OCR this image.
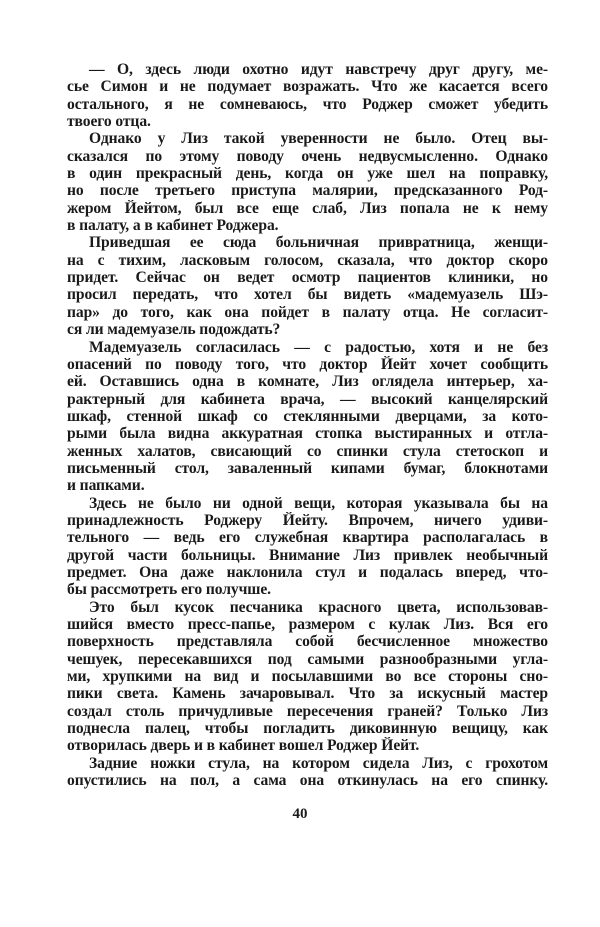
— О, здесь люди охотно идут навстречу друг другу, ме-
сье Симон и не подумает возражать. Что же касается всего
остального, я не сомневаюсь, что Роджер сможет убедить
твоего отца.
Однако у Лиз такой уверенности не было. Отец вы-
сказался по этому поводу очень недвусмысленно. Однако
в один прекрасный день, когда он уже шел на поправку,
но после третьего приступа малярии, предсказанного Род-
жером Йейтом, был все еще слаб, Лиз попала не к нему
в палату, а в кабинет Роджера.
Приведшая ее сюда больничная привратница, женщи-
на с тихим, ласковым голосом, сказала, что доктор скоро
придет. Сейчас он ведет осмотр пациентов клиники, но
просил передать, что хотел бы видеть «мадемуазель Шэ-
пар» до того, как она пойдет в палату отца. Не согласит-
ся ли мадемуазель подождать?
Мадемуазель согласилась — с радостью, хотя и не без
опасений по поводу того, что доктор Йейт хочет сообщить
ей. Оставшись одна в комнате, Лиз оглядела интерьер, ха-
рактерный для кабинета врача, — высокий канцелярский
шкаф, стенной шкаф со стеклянными дверцами, за кото-
рыми была видна аккуратная стопка выстиранных и отгла-
женных халатов, свисающий со спинки стула стетоскоп и
письменный стол, заваленный кипами бумаг, блокнотами
и папками.
Здесь не было ни одной вещи, которая указывала бы на
принадлежность Роджеру Йейту. Впрочем, ничего удиви-
тельного — ведь его служебная квартира располагалась в
другой части больницы. Внимание Лиз привлек необычный
предмет. Она даже наклонила стул и подалась вперед, что-
бы рассмотреть его получше.
Это был кусок песчаника красного цвета, использовав-
шийся вместо пресс-папье, размером с кулак Лиз. Вся его
поверхность представляла собой бесчисленное множество
чешуек, пересекавшихся под самыми разнообразными угла-
ми, хрупкими на вид и посылавшими во все стороны сно-
пики света. Камень зачаровывал. Что за искусный мастер
создал столь причудливые пересечения граней? Только Лиз
поднесла палец, чтобы погладить диковинную вещицу, как
отворилась дверь и в кабинет вошел Роджер Йейт.
Задние ножки стула, на котором сидела Лиз, с грохотом
опустились на пол, а сама она откинулась на его спинку.
40
